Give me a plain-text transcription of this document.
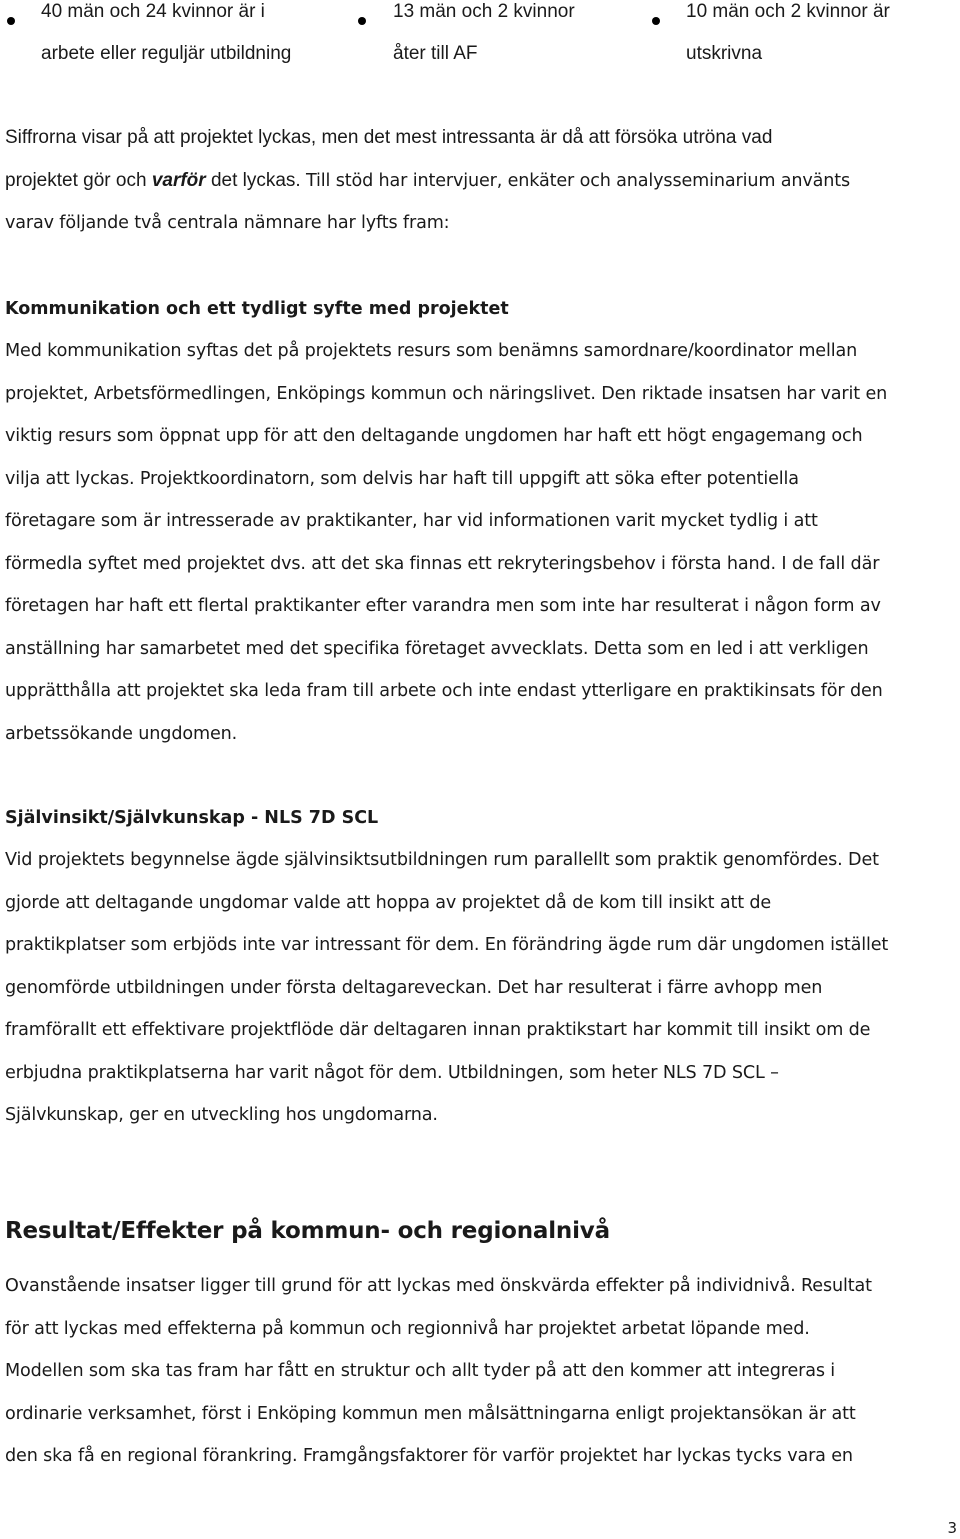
40 män och 24 kvinnor är i
arbete eller reguljär utbildning
13 män och 2 kvinnor
åter till AF
10 män och 2 kvinnor är
utskrivna
Siffrorna visar på att projektet lyckas, men det mest intressanta är då att försöka utröna vad
projektet gör och varför det lyckas. Till stöd har intervjuer, enkäter och analysseminarium använts
varav följande två centrala nämnare har lyfts fram:
Kommunikation och ett tydligt syfte med projektet
Med kommunikation syftas det på projektets resurs som benämns samordnare/koordinator mellan
projektet, Arbetsförmedlingen, Enköpings kommun och näringslivet. Den riktade insatsen har varit en
viktig resurs som öppnat upp för att den deltagande ungdomen har haft ett högt engagemang och
vilja att lyckas. Projektkoordinatorn, som delvis har haft till uppgift att söka efter potentiella
företagare som är intresserade av praktikanter, har vid informationen varit mycket tydlig i att
förmedla syftet med projektet dvs. att det ska finnas ett rekryteringsbehov i första hand. I de fall där
företagen har haft ett flertal praktikanter efter varandra men som inte har resulterat i någon form av
anställning har samarbetet med det specifika företaget avvecklats. Detta som en led i att verkligen
upprätthålla att projektet ska leda fram till arbete och inte endast ytterligare en praktikinsats för den
arbetssökande ungdomen.
Självinsikt/Självkunskap - NLS 7D SCL
Vid projektets begynnelse ägde självinsiktsutbildningen rum parallellt som praktik genomfördes. Det
gjorde att deltagande ungdomar valde att hoppa av projektet då de kom till insikt att de
praktikplatser som erbjöds inte var intressant för dem. En förändring ägde rum där ungdomen istället
genomförde utbildningen under första deltagareveckan. Det har resulterat i färre avhopp men
framförallt ett effektivare projektflöde där deltagaren innan praktikstart har kommit till insikt om de
erbjudna praktikplatserna har varit något för dem. Utbildningen, som heter NLS 7D SCL –
Självkunskap, ger en utveckling hos ungdomarna.
Resultat/Effekter på kommun- och regionalnivå
Ovanstående insatser ligger till grund för att lyckas med önskvärda effekter på individnivå. Resultat
för att lyckas med effekterna på kommun och regionnivå har projektet arbetat löpande med.
Modellen som ska tas fram har fått en struktur och allt tyder på att den kommer att integreras i
ordinarie verksamhet, först i Enköping kommun men målsättningarna enligt projektansökan är att
den ska få en regional förankring. Framgångsfaktorer för varför projektet har lyckas tycks vara en
3
